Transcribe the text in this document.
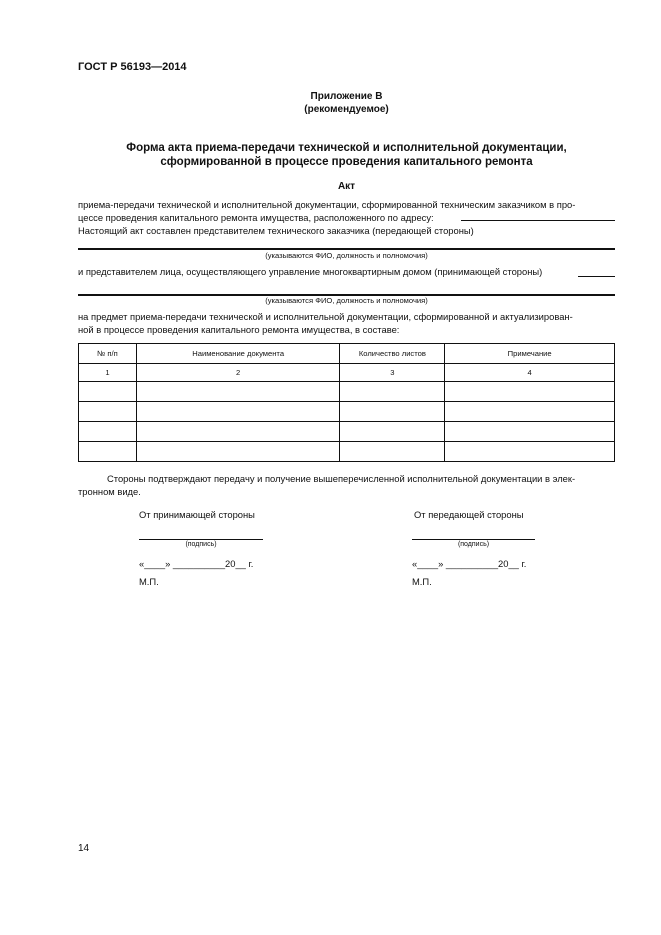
ГОСТ Р 56193—2014
Приложение В
(рекомендуемое)
Форма акта приема-передачи технической и исполнительной документации,
сформированной в процессе проведения капитального ремонта
Акт
приема-передачи технической и исполнительной документации, сформированной техническим заказчиком в про-
цессе проведения капитального ремонта имущества, расположенного по адресу:
Настоящий акт составлен представителем технического заказчика (передающей стороны)
(указываются ФИО, должность и полномочия)
и представителем лица, осуществляющего управление многоквартирным домом (принимающей стороны)
(указываются ФИО, должность и полномочия)
на предмет приема-передачи технической и исполнительной документации, сформированной и актуализирован-
ной в процессе проведения капитального ремонта имущества, в составе:
№ п/п	Наименование документа	Количество листов	Примечание
1	2	3	4

Стороны подтверждают передачу и получение вышеперечисленной исполнительной документации в элек-
тронном виде.
От принимающей стороны
(подпись)
«____» __________20__ г.
М.П.
От передающей стороны
(подпись)
«____» __________20__ г.
М.П.
14
